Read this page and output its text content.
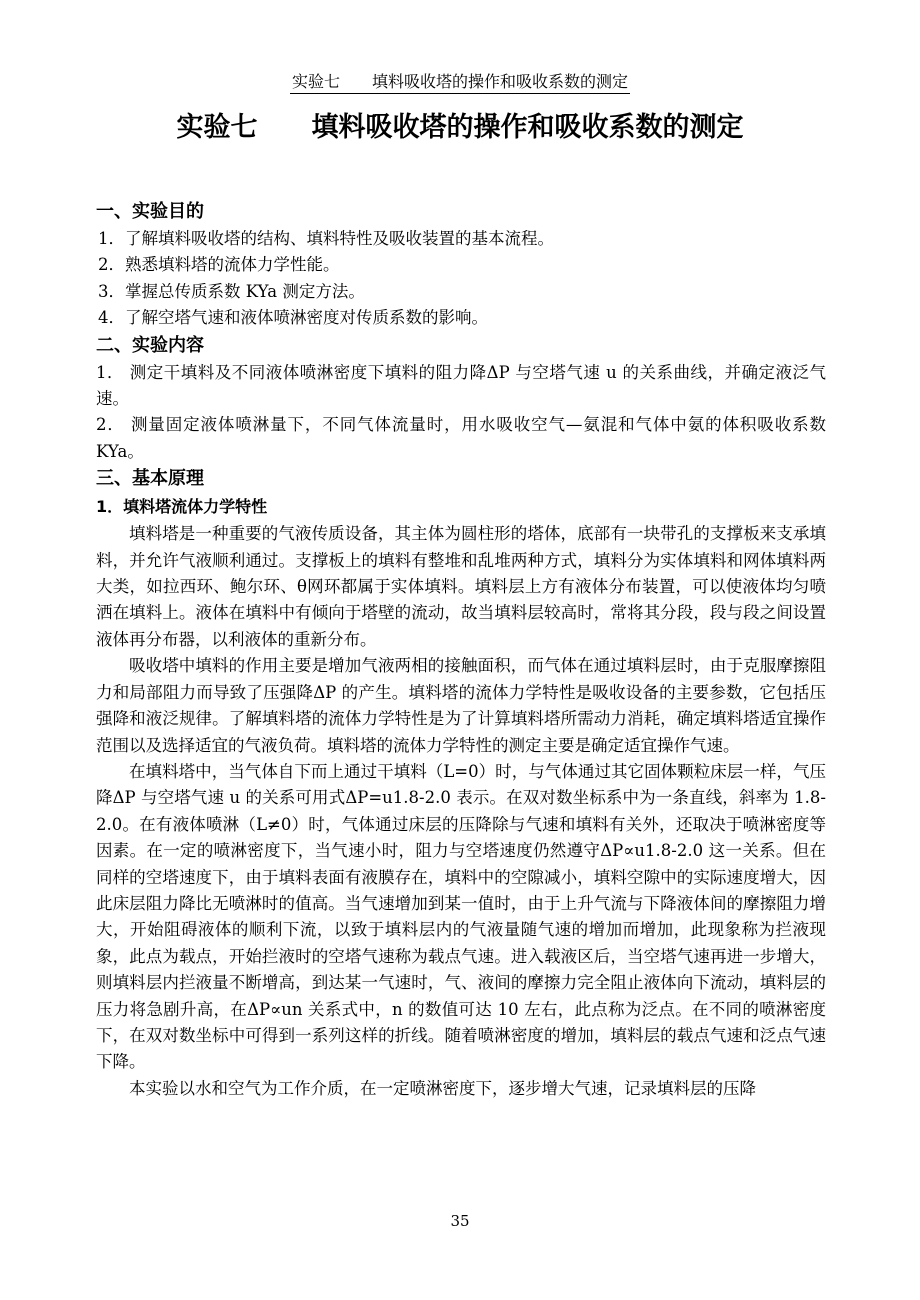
实验七　　填料吸收塔的操作和吸收系数的测定
实验七　　填料吸收塔的操作和吸收系数的测定

一、实验目的

1．了解填料吸收塔的结构、填料特性及吸收装置的基本流程。

2．熟悉填料塔的流体力学性能。

3．掌握总传质系数 KYa 测定方法。

4．了解空塔气速和液体喷淋密度对传质系数的影响。

二、实验内容

1． 测定干填料及不同液体喷淋密度下填料的阻力降ΔP 与空塔气速 u 的关系曲线，并确定液泛气速。

2． 测量固定液体喷淋量下，不同气体流量时，用水吸收空气—氨混和气体中氨的体积吸收系数 KYa。

三、基本原理

1．填料塔流体力学特性

填料塔是一种重要的气液传质设备，其主体为圆柱形的塔体，底部有一块带孔的支撑板来支承填料，并允许气液顺利通过。支撑板上的填料有整堆和乱堆两种方式，填料分为实体填料和网体填料两大类，如拉西环、鲍尔环、θ网环都属于实体填料。填料层上方有液体分布装置，可以使液体均匀喷洒在填料上。液体在填料中有倾向于塔壁的流动，故当填料层较高时，常将其分段，段与段之间设置液体再分布器，以利液体的重新分布。

吸收塔中填料的作用主要是增加气液两相的接触面积，而气体在通过填料层时，由于克服摩擦阻力和局部阻力而导致了压强降ΔP 的产生。填料塔的流体力学特性是吸收设备的主要参数，它包括压强降和液泛规律。了解填料塔的流体力学特性是为了计算填料塔所需动力消耗，确定填料塔适宜操作范围以及选择适宜的气液负荷。填料塔的流体力学特性的测定主要是确定适宜操作气速。

在填料塔中，当气体自下而上通过干填料（L=0）时，与气体通过其它固体颗粒床层一样，气压降ΔP 与空塔气速 u 的关系可用式ΔP=u1.8-2.0 表示。在双对数坐标系中为一条直线，斜率为 1.8-2.0。在有液体喷淋（L≠0）时，气体通过床层的压降除与气速和填料有关外，还取决于喷淋密度等因素。在一定的喷淋密度下，当气速小时，阻力与空塔速度仍然遵守ΔP∝u1.8-2.0 这一关系。但在同样的空塔速度下，由于填料表面有液膜存在，填料中的空隙减小，填料空隙中的实际速度增大，因此床层阻力降比无喷淋时的值高。当气速增加到某一值时，由于上升气流与下降液体间的摩擦阻力增大，开始阻碍液体的顺利下流，以致于填料层内的气液量随气速的增加而增加，此现象称为拦液现象，此点为载点，开始拦液时的空塔气速称为载点气速。进入载液区后，当空塔气速再进一步增大，则填料层内拦液量不断增高，到达某一气速时，气、液间的摩擦力完全阻止液体向下流动，填料层的压力将急剧升高，在ΔP∝un 关系式中，n 的数值可达 10 左右，此点称为泛点。在不同的喷淋密度下，在双对数坐标中可得到一系列这样的折线。随着喷淋密度的增加，填料层的载点气速和泛点气速下降。

本实验以水和空气为工作介质，在一定喷淋密度下，逐步增大气速，记录填料层的压降

35
